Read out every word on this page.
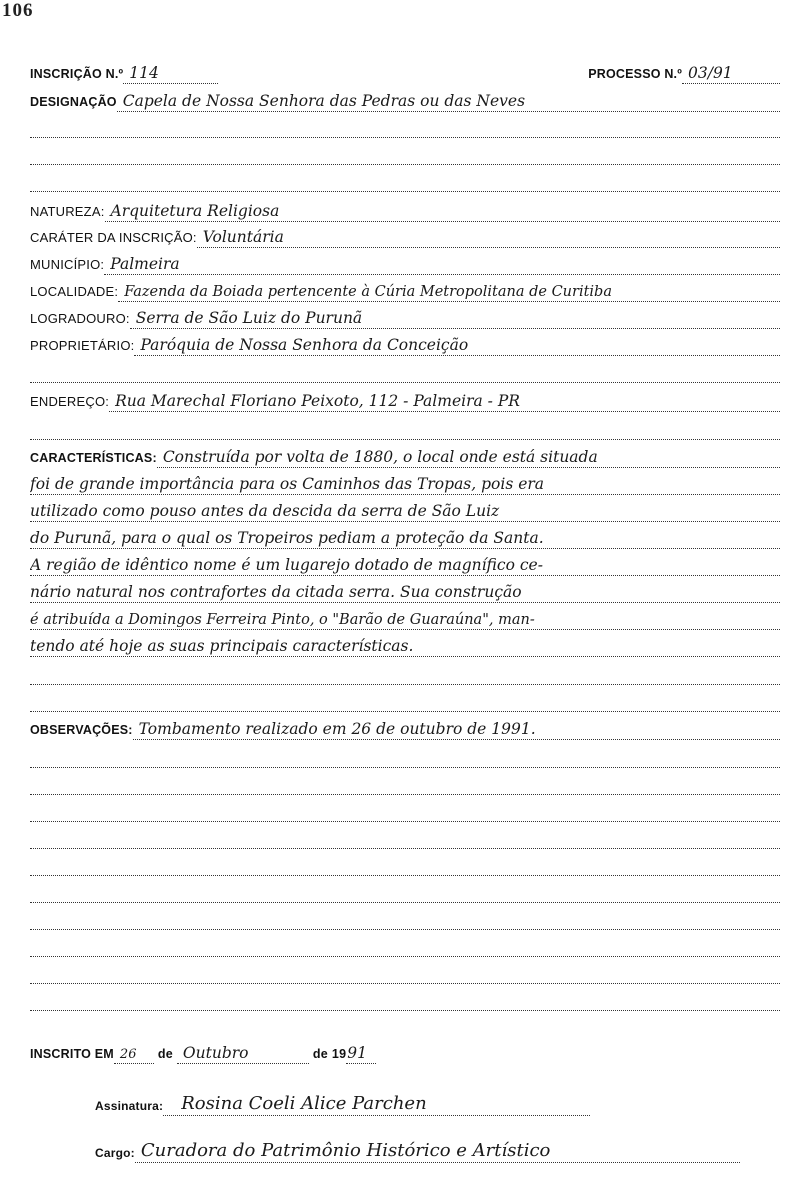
106
INSCRIÇÃO N.º 114	PROCESSO N.º 03/91
DESIGNAÇÃO Capela de Nossa Senhora das Pedras ou das Neves
NATUREZA: Arquitetura Religiosa
CARÁTER DA INSCRIÇÃO: Voluntária
MUNICÍPIO: Palmeira
LOCALIDADE: Fazenda da Boiada pertencente à Cúria Metropolitana de Curitiba
LOGRADOURO: Serra de São Luiz do Purunã
PROPRIETÁRIO: Paróquia de Nossa Senhora da Conceição
ENDEREÇO: Rua Marechal Floriano Peixoto, 112 - Palmeira - PR
CARACTERÍSTICAS: Construída por volta de 1880, o local onde está situada
foi de grande importância para os Caminhos das Tropas, pois era
utilizado como pouso antes da descida da serra de São Luiz
do Purunã, para o qual os Tropeiros pediam a proteção da Santa.
A região de idêntico nome é um lugarejo dotado de magnífico ce-
nário natural nos contrafortes da citada serra. Sua construção
é atribuída a Domingos Ferreira Pinto, o "Barão de Guaraúna", man-
tendo até hoje as suas principais características.
OBSERVAÇÕES: Tombamento realizado em 26 de outubro de 1991.
INSCRITO EM 26	de Outubro	de 19 91
Assinatura:	Rosina Coeli Alice Parchen
Cargo: Curadora do Patrimônio Histórico e Artístico
